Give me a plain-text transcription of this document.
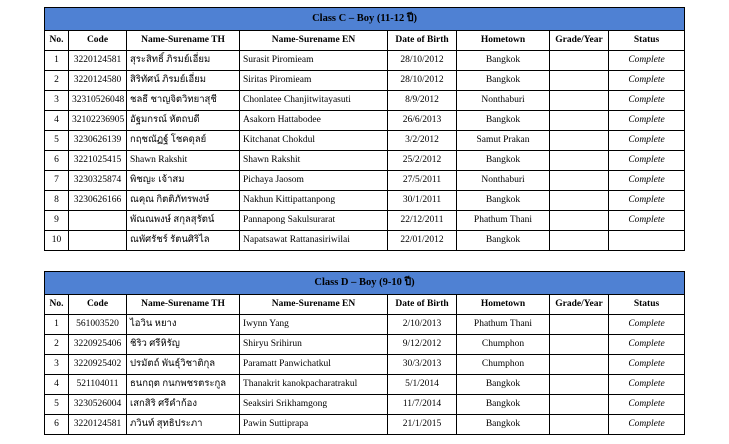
Class C – Boy (11-12 ปี)							
No.	Code	Name-Surename TH	Name-Surename EN	Date of Birth	Hometown	Grade/Year	Status
1	3220124581	สุระสิทธิ์ ภิรมย์เอี่ยม	Surasit Piromieam	28/10/2012	Bangkok		Complete
2	3220124580	สิริทัศน์ ภิรมย์เอี่ยม	Siritas Piromieam	28/10/2012	Bangkok		Complete
3	32310526048	ชลธี ชาญจิตวิทยาสุชี	Chonlatee Chanjitwitayasuti	8/9/2012	Nonthaburi		Complete
4	32102236905	อัฐมกรณ์ หัตถบดี	Asakorn Hattabodee	26/6/2013	Bangkok		Complete
5	3230626139	กฤชณัฏฐ์ โชคดุลย์	Kitchanat Chokdul	3/2/2012	Samut Prakan		Complete
6	3221025415	Shawn Rakshit	Shawn Rakshit	25/2/2012	Bangkok		Complete
7	3230325874	พิชญะ เจ้าสม	Pichaya Jaosom	27/5/2011	Nonthaburi		Complete
8	3230626166	ณคุณ กิตติภัทรพงษ์	Nakhun Kittipattanpong	30/1/2011	Bangkok		Complete
9		พัณณพงษ์ สกุลสุรัตน์	Pannapong Sakulsurarat	22/12/2011	Phathum Thani		Complete
10		ณพัศรัชร์ รัตนศิริไล	Napatsawat Rattanasiriwilai	22/01/2012	Bangkok		
Class D – Boy (9-10 ปี)							
No.	Code	Name-Surename TH	Name-Surename EN	Date of Birth	Hometown	Grade/Year	Status
1	561003520	ไอวิน หยาง	Iwynn Yang	2/10/2013	Phathum Thani		Complete
2	3220925406	ชิริว ศรีหิรัญ	Shiryu Srihirun	9/12/2012	Chumphon		Complete
3	3220925402	ปรมัตถ์ พันธุ์วิชาติกุล	Paramatt Panwichatkul	30/3/2013	Chumphon		Complete
4	521104011	ธนกฤต กนกพชรตระกูล	Thanakrit kanokpacharatrakul	5/1/2014	Bangkok		Complete
5	3230526004	เสกสิริ ศรีคำก้อง	Seaksiri Srikhamgong	11/7/2014	Bangkok		Complete
6	3220124581	ภวินท์ สุทธิประภา	Pawin Suttiprapa	21/1/2015	Bangkok		Complete
